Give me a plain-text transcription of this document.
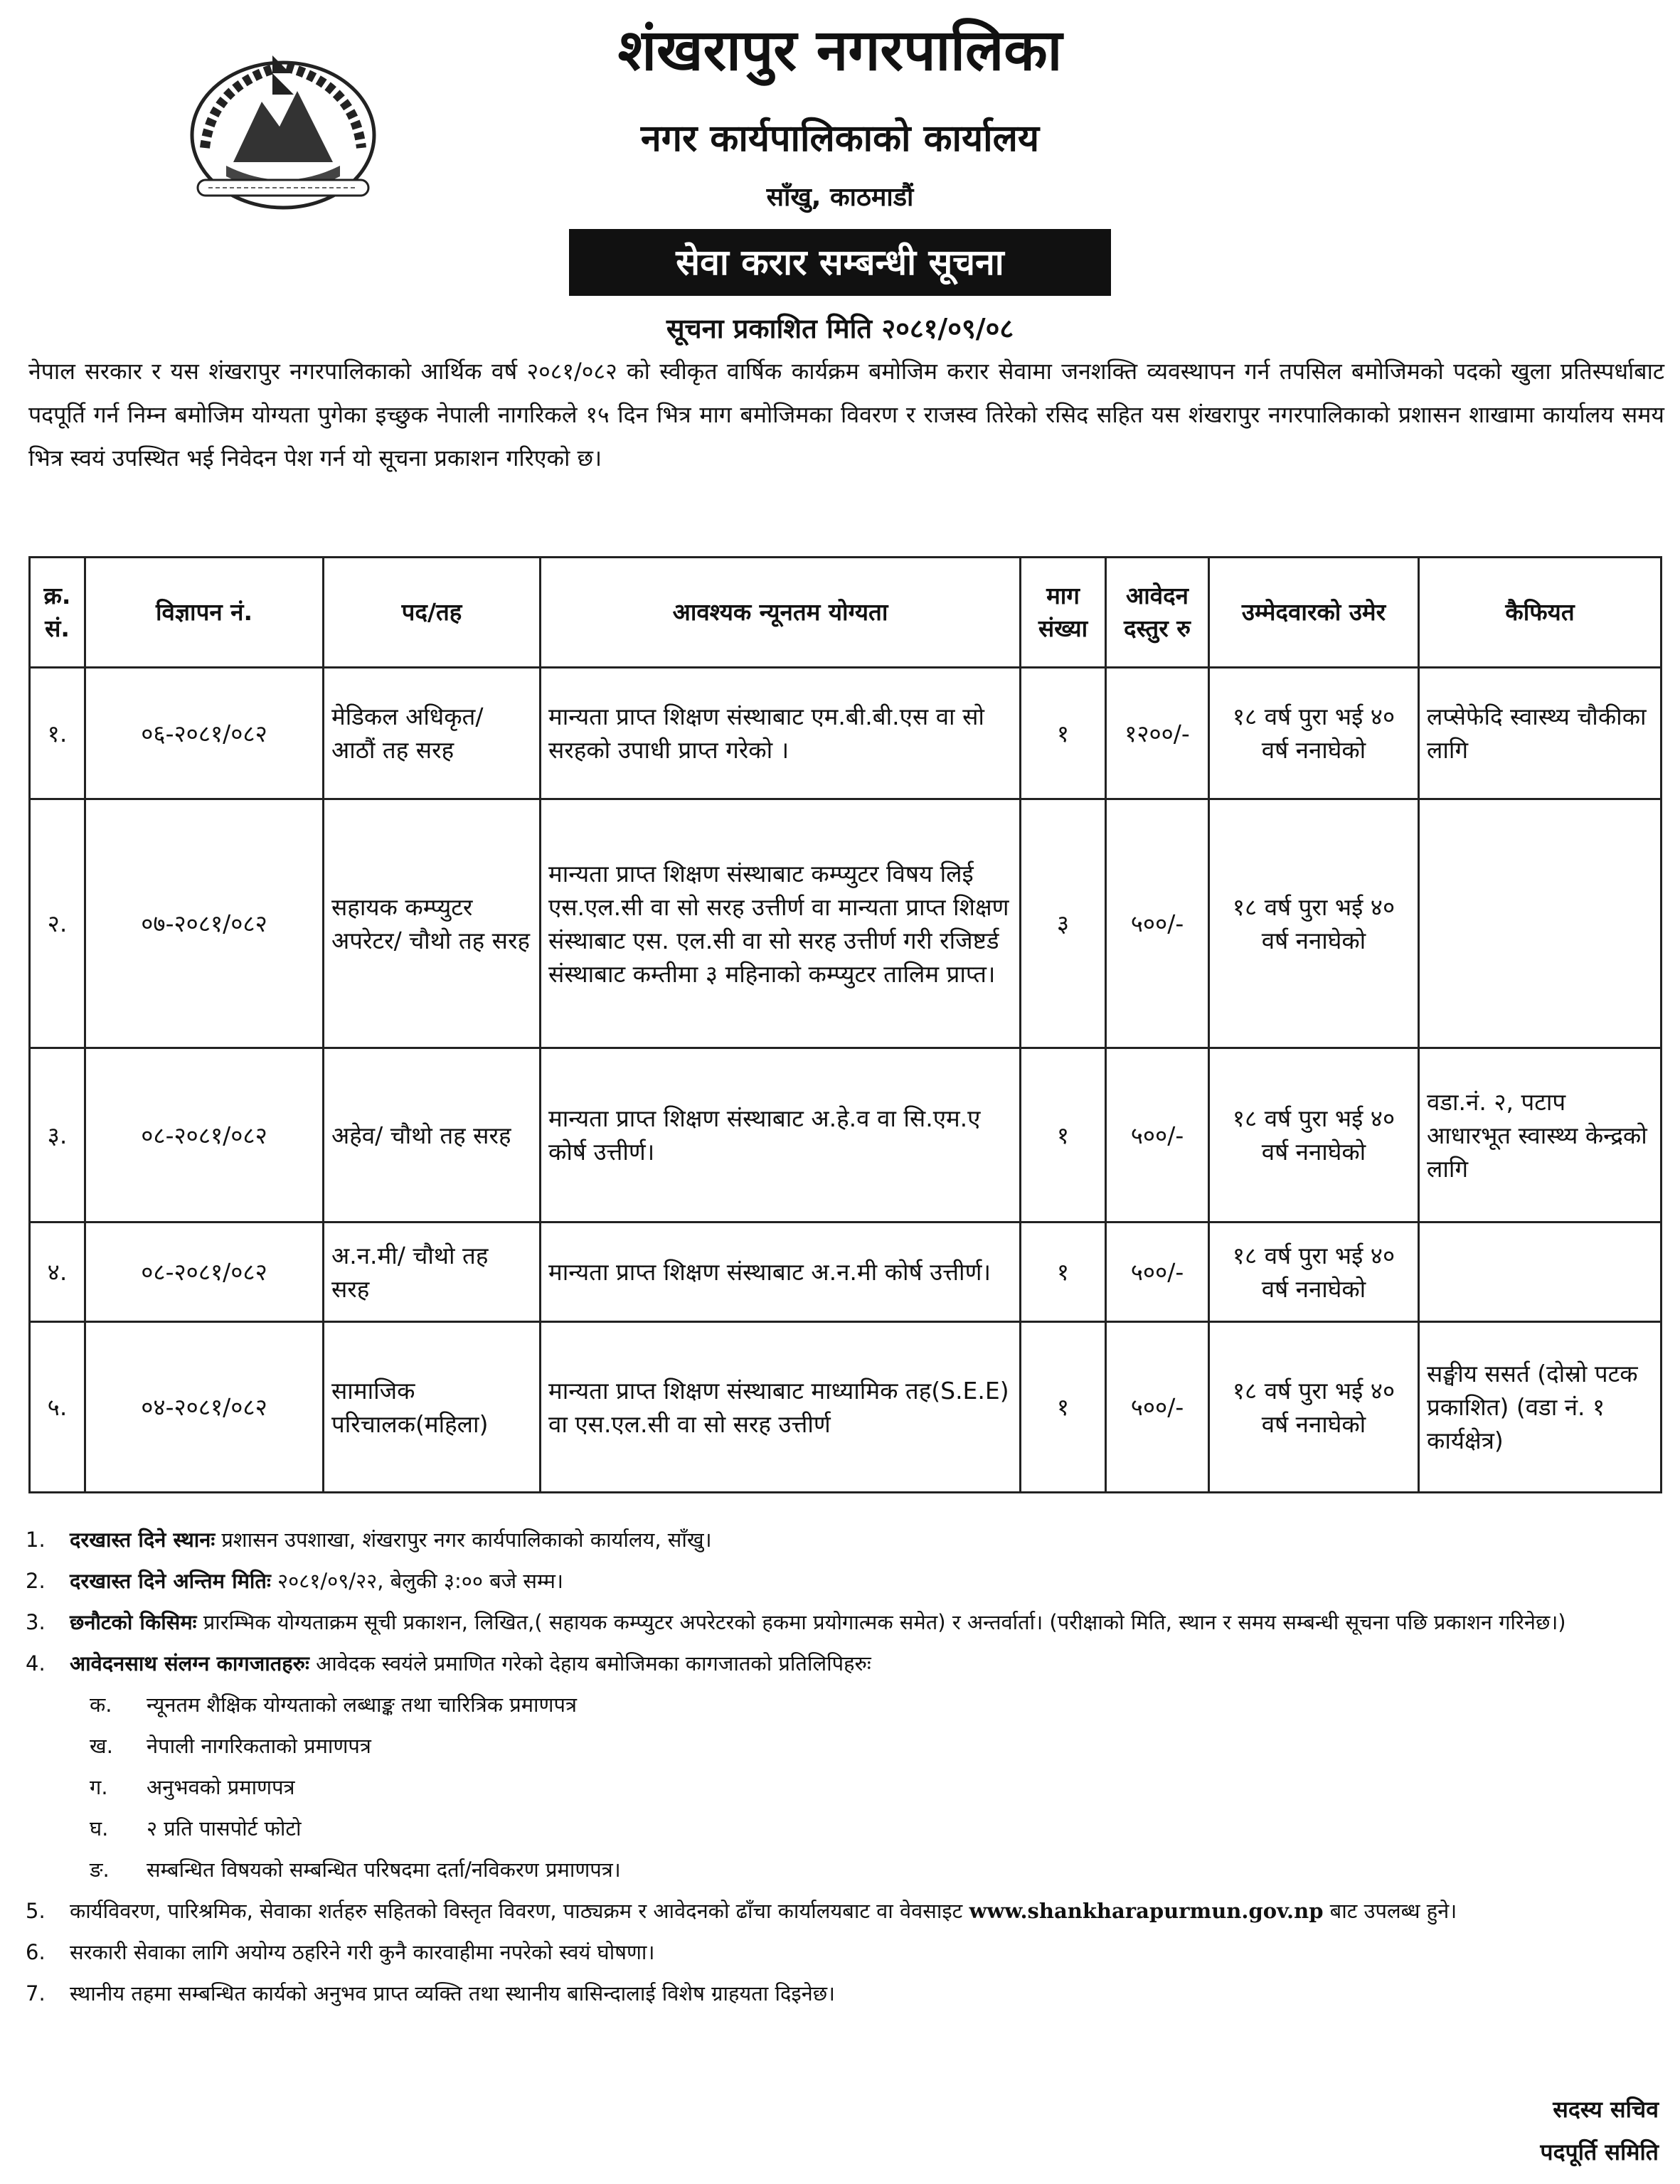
शंखरापुर नगरपालिका
नगर कार्यपालिकाको कार्यालय
साँखु, काठमाडौं
सेवा करार सम्बन्धी सूचना
सूचना प्रकाशित मिति २०८१/०९/०८
नेपाल सरकार र यस शंखरापुर नगरपालिकाको आर्थिक वर्ष २०८१/०८२ को स्वीकृत वार्षिक कार्यक्रम बमोजिम करार सेवामा जनशक्ति व्यवस्थापन गर्न तपसिल बमोजिमको पदको खुला प्रतिस्पर्धाबाट पदपूर्ति गर्न निम्न बमोजिम योग्यता पुगेका इच्छुक नेपाली नागरिकले १५ दिन भित्र माग बमोजिमका विवरण र राजस्व तिरेको रसिद सहित यस शंखरापुर नगरपालिकाको प्रशासन शाखामा कार्यालय समय भित्र स्वयं उपस्थित भई निवेदन पेश गर्न यो सूचना प्रकाशन गरिएको छ।
क्र. सं.	विज्ञापन नं.	पद/तह	आवश्यक न्यूनतम योग्यता	माग संख्या	आवेदन दस्तुर रु	उम्मेदवारको उमेर	कैफियत
१.	०६-२०८१/०८२	मेडिकल अधिकृत/ आठौं तह सरह	मान्यता प्राप्त शिक्षण संस्थाबाट एम.बी.बी.एस वा सो सरहको उपाधी प्राप्त गरेको ।	१	१२००/-	१८ वर्ष पुरा भई ४० वर्ष ननाघेको	लप्सेफेदि स्वास्थ्य चौकीका लागि
२.	०७-२०८१/०८२	सहायक कम्प्युटर अपरेटर/ चौथो तह सरह	मान्यता प्राप्त शिक्षण संस्थाबाट कम्प्युटर विषय लिई एस.एल.सी वा सो सरह उत्तीर्ण वा मान्यता प्राप्त शिक्षण संस्थाबाट एस. एल.सी वा सो सरह उत्तीर्ण गरी रजिष्टर्ड संस्थाबाट कम्तीमा ३ महिनाको कम्प्युटर तालिम प्राप्त।	३	५००/-	१८ वर्ष पुरा भई ४० वर्ष ननाघेको	
३.	०८-२०८१/०८२	अहेव/ चौथो तह सरह	मान्यता प्राप्त शिक्षण संस्थाबाट अ.हे.व वा सि.एम.ए कोर्ष उत्तीर्ण।	१	५००/-	१८ वर्ष पुरा भई ४० वर्ष ननाघेको	वडा.नं. २, पटाप आधारभूत स्वास्थ्य केन्द्रको लागि
४.	०८-२०८१/०८२	अ.न.मी/ चौथो तह सरह	मान्यता प्राप्त शिक्षण संस्थाबाट अ.न.मी कोर्ष उत्तीर्ण।	१	५००/-	१८ वर्ष पुरा भई ४० वर्ष ननाघेको	
५.	०४-२०८१/०८२	सामाजिक परिचालक(महिला)	मान्यता प्राप्त शिक्षण संस्थाबाट माध्यामिक तह(S.E.E) वा एस.एल.सी वा सो सरह उत्तीर्ण	१	५००/-	१८ वर्ष पुरा भई ४० वर्ष ननाघेको	सङ्घीय ससर्त (दोस्रो पटक प्रकाशित) (वडा नं. १ कार्यक्षेत्र)
1.	दरखास्त दिने स्थानः प्रशासन उपशाखा, शंखरापुर नगर कार्यपालिकाको कार्यालय, साँखु।
2.	दरखास्त दिने अन्तिम मितिः २०८१/०९/२२, बेलुकी ३:०० बजे सम्म।
3.	छनौटको किसिमः प्रारम्भिक योग्यताक्रम सूची प्रकाशन, लिखित,( सहायक कम्प्युटर अपरेटरको हकमा प्रयोगात्मक समेत) र अन्तर्वार्ता। (परीक्षाको मिति, स्थान र समय सम्बन्धी सूचना पछि प्रकाशन गरिनेछ।)
4.	आवेदनसाथ संलग्न कागजातहरुः आवेदक स्वयंले प्रमाणित गरेको देहाय बमोजिमका कागजातको प्रतिलिपिहरुः
क.	न्यूनतम शैक्षिक योग्यताको लब्धाङ्क तथा चारित्रिक प्रमाणपत्र
ख.	नेपाली नागरिकताको प्रमाणपत्र
ग.	अनुभवको प्रमाणपत्र
घ.	२ प्रति पासपोर्ट फोटो
ङ.	सम्बन्धित विषयको सम्बन्धित परिषदमा दर्ता/नविकरण प्रमाणपत्र।
5.	कार्यविवरण, पारिश्रमिक, सेवाका शर्तहरु सहितको विस्तृत विवरण, पाठ्यक्रम र आवेदनको ढाँचा कार्यालयबाट वा वेवसाइट www.shankharapurmun.gov.np बाट उपलब्ध हुने।
6.	सरकारी सेवाका लागि अयोग्य ठहरिने गरी कुनै कारवाहीमा नपरेको स्वयं घोषणा।
7.	स्थानीय तहमा सम्बन्धित कार्यको अनुभव प्राप्त व्यक्ति तथा स्थानीय बासिन्दालाई विशेष ग्राहयता दिइनेछ।
सदस्य सचिव
पदपूर्ति समिति
